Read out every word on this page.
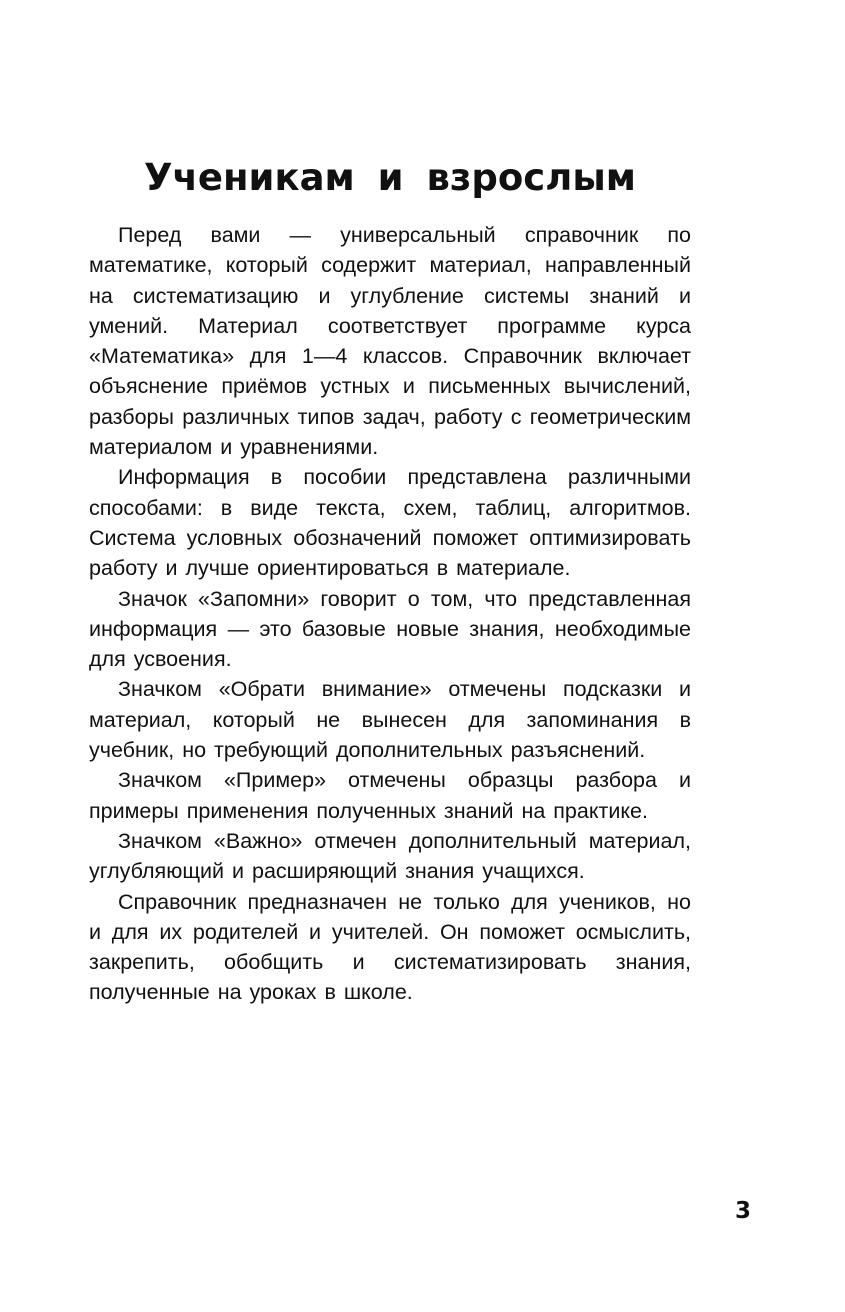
Ученикам и взрослым

Перед вами — универсальный справочник по математике, который содержит материал, направленный на систематизацию и углубление системы знаний и умений. Материал соответствует программе курса «Математика» для 1—4 классов. Справочник включает объяснение приёмов устных и письменных вычислений, разборы различных типов задач, работу с геометрическим материалом и уравнениями.

Информация в пособии представлена различными способами: в виде текста, схем, таблиц, алгоритмов. Система условных обозначений поможет оптимизировать работу и лучше ориентироваться в материале.

Значок «Запомни» говорит о том, что представленная информация — это базовые новые знания, необходимые для усвоения.

Значком «Обрати внимание» отмечены подсказки и материал, который не вынесен для запоминания в учебник, но требующий дополнительных разъяснений.

Значком «Пример» отмечены образцы разбора и примеры применения полученных знаний на практике.

Значком «Важно» отмечен дополнительный материал, углубляющий и расширяющий знания учащихся.

Справочник предназначен не только для учеников, но и для их родителей и учителей. Он поможет осмыслить, закрепить, обобщить и систематизировать знания, полученные на уроках в школе.

3
